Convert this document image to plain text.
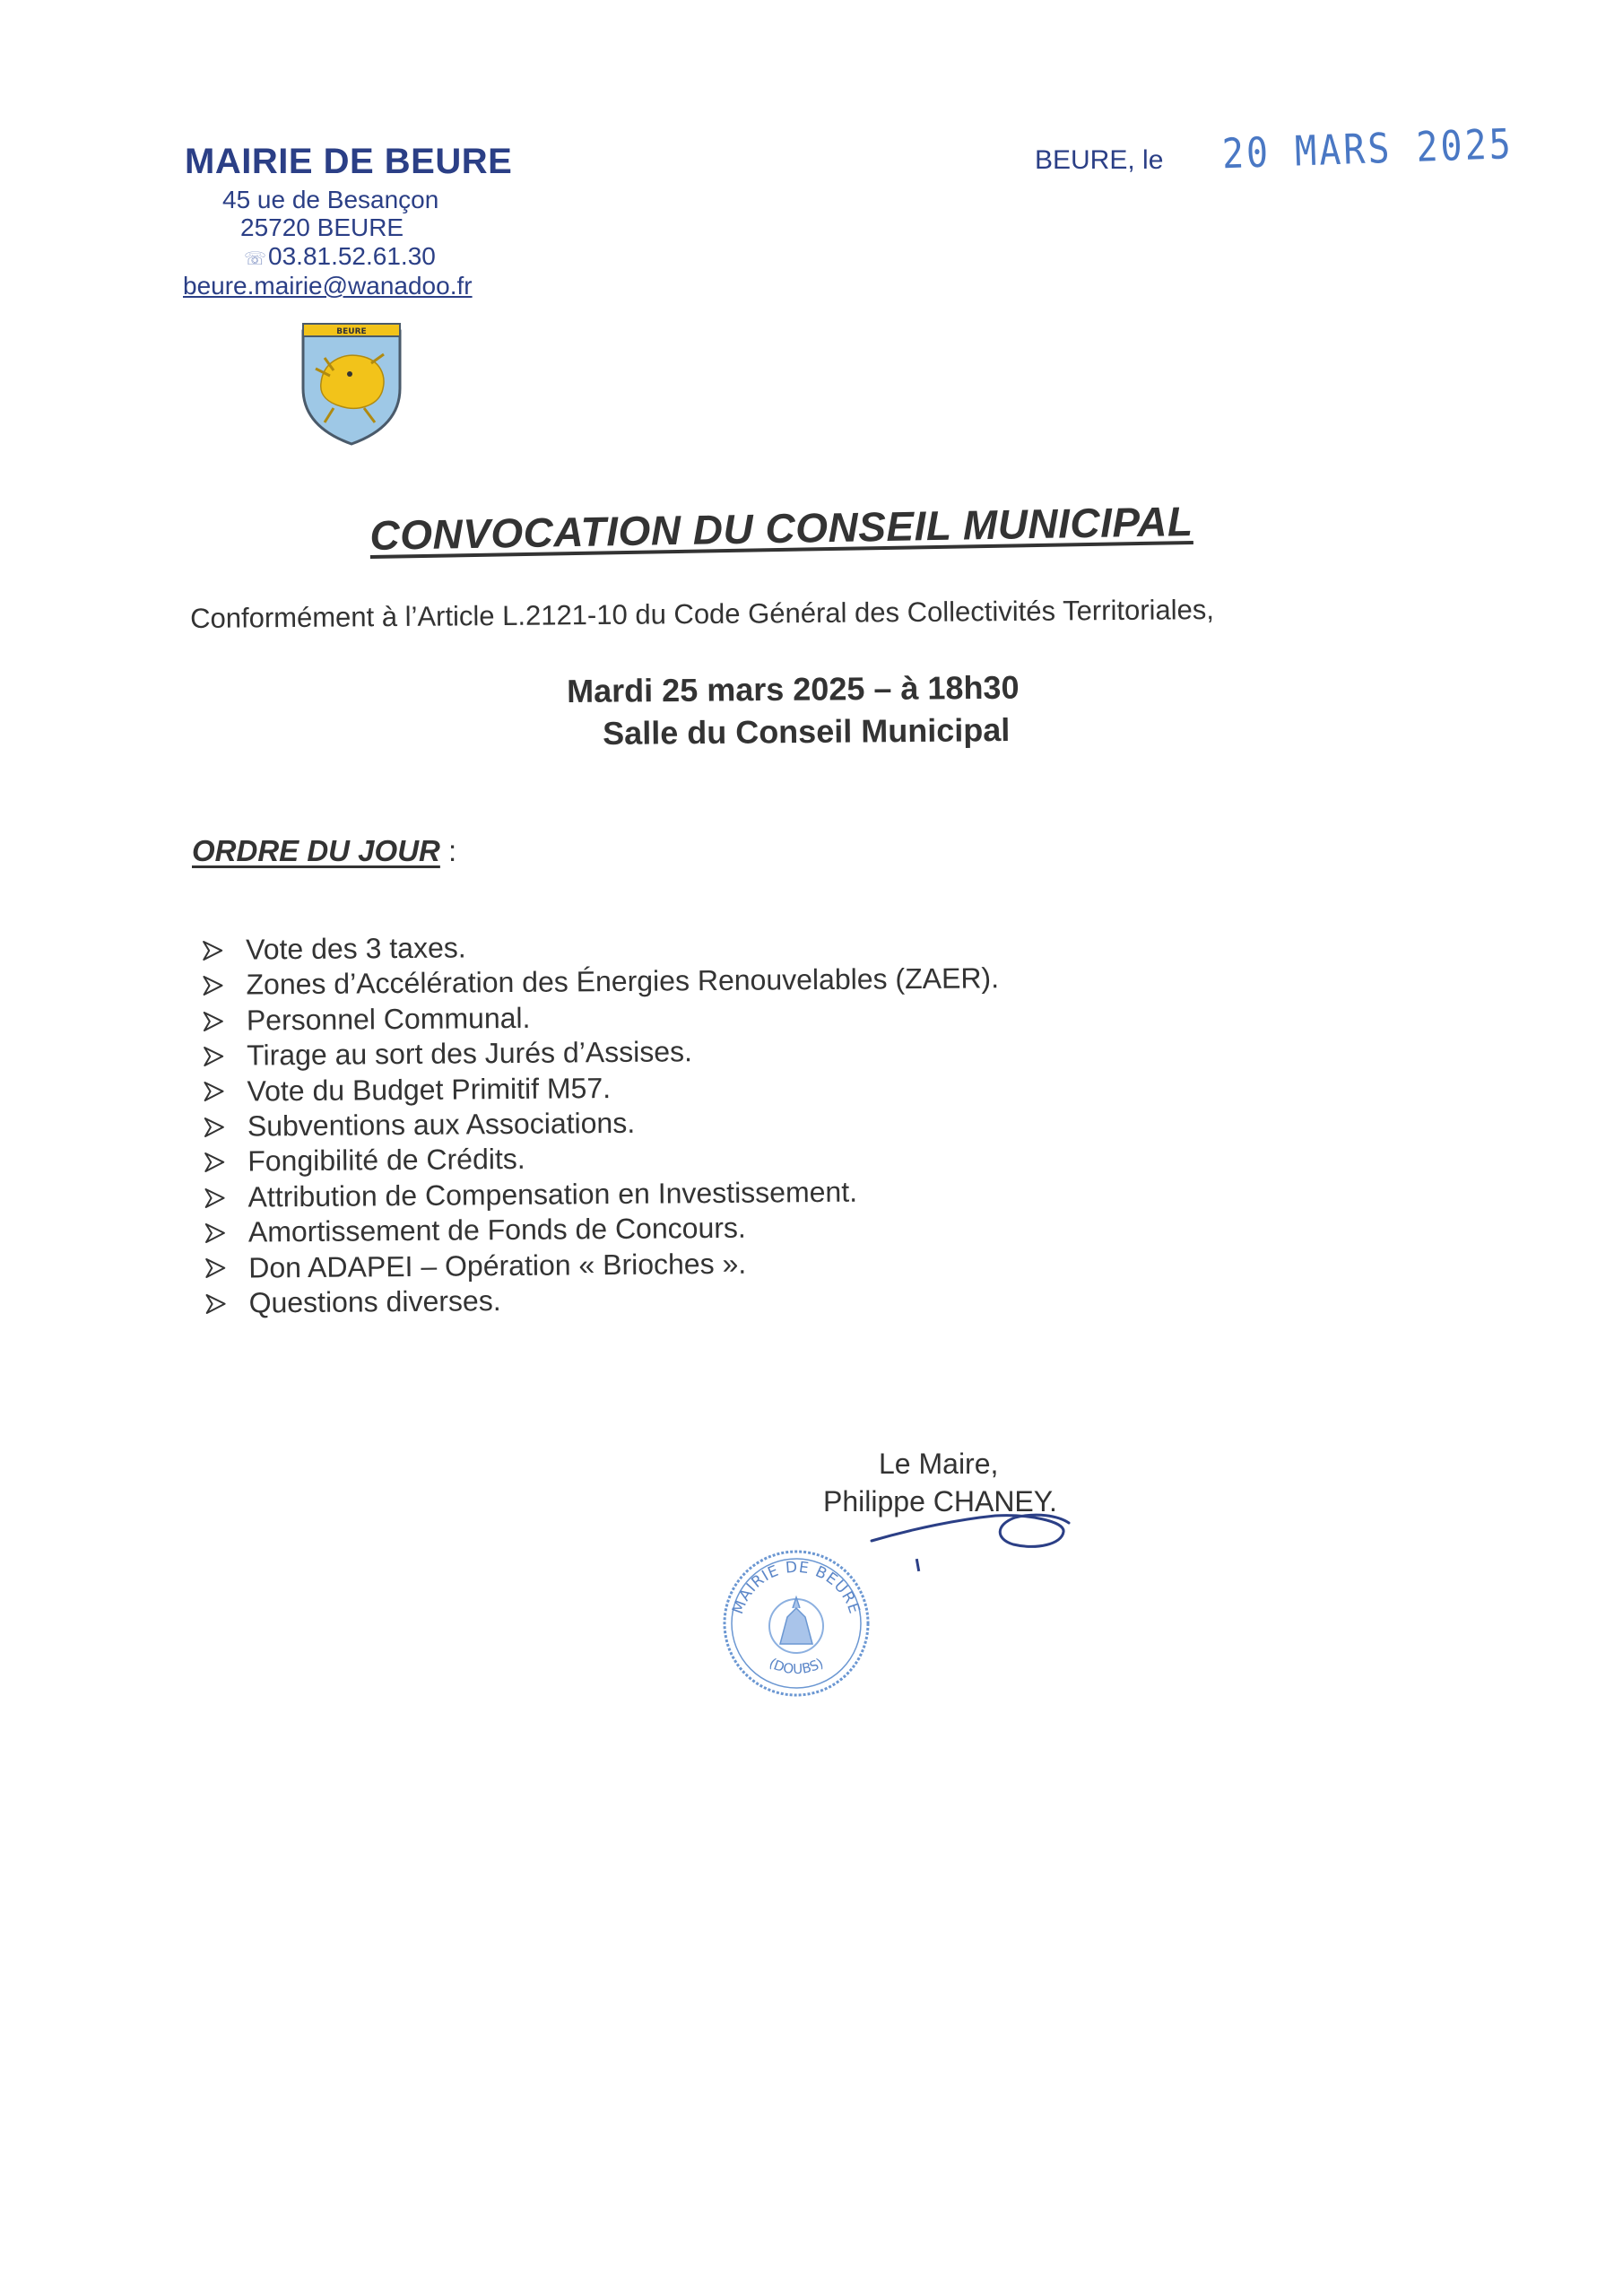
MAIRIE DE BEURE
45 ue de Besançon
25720 BEURE
☏03.81.52.61.30
beure.mairie@wanadoo.fr
BEURE
BEURE, le 20 MARS 2025
CONVOCATION DU CONSEIL MUNICIPAL
Conformément à l’Article L.2121-10 du Code Général des Collectivités Territoriales,
Mardi 25 mars 2025 – à 18h30
Salle du Conseil Municipal
ORDRE DU JOUR :
Vote des 3 taxes.
Zones d’Accélération des Énergies Renouvelables (ZAER).
Personnel Communal.
Tirage au sort des Jurés d’Assises.
Vote du Budget Primitif M57.
Subventions aux Associations.
Fongibilité de Crédits.
Attribution de Compensation en Investissement.
Amortissement de Fonds de Concours.
Don ADAPEI – Opération « Brioches ».
Questions diverses.
Le Maire,
Philippe CHANEY.
MAIRIE DE BEURE
(DOUBS)
